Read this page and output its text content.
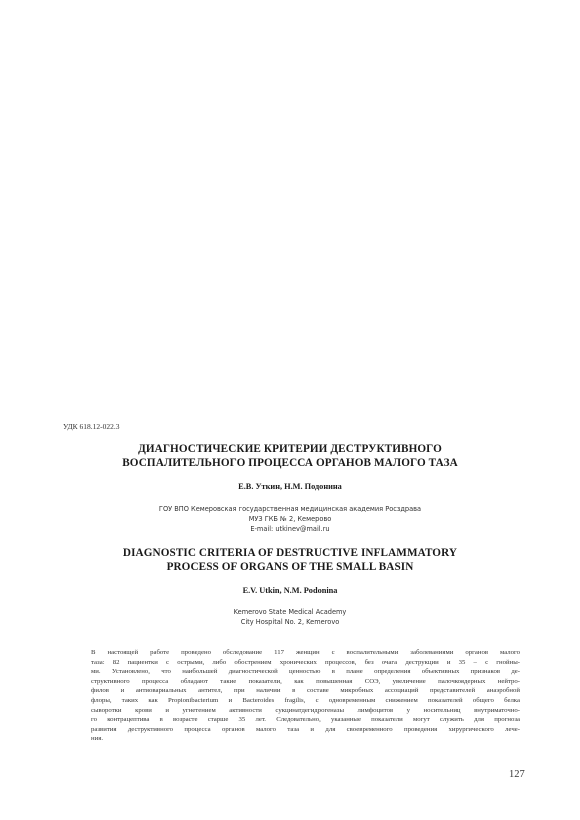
УДК 618.12-022.3
ДИАГНОСТИЧЕСКИЕ КРИТЕРИИ ДЕСТРУКТИВНОГО
ВОСПАЛИТЕЛЬНОГО ПРОЦЕССА ОРГАНОВ МАЛОГО ТАЗА
Е.В. Уткин, Н.М. Подонина
ГОУ ВПО Кемеровская государственная медицинская академия Росздрава
МУЗ ГКБ № 2, Кемерово
E-mail: utkinev@mail.ru
DIAGNOSTIC CRITERIA OF DESTRUCTIVE INFLAMMATORY
PROCESS OF ORGANS OF THE SMALL BASIN
E.V. Utkin, N.M. Podonina
Kemerovo State Medical Academy
City Hospital No. 2, Kemerovo
В настоящей работе проведено обследование 117 женщин с воспалительными заболеваниями органов малого
таза: 82 пациентки с острыми, либо обострением хронических процессов, без очага деструкции и 35 – с гнойны-
ми. Установлено, что наибольшей диагностической ценностью в плане определения объективных признаков де-
структивного процесса обладают такие показатели, как повышенная СОЭ, увеличение палочкоядерных нейтро-
филов и антиовариальных антител, при наличии в составе микробных ассоциаций представителей анаэробной
флоры, таких как Propionibacterium и Bacteroides fragilis, с одновременным снижением показателей общего белка
сыворотки крови и угнетением активности сукцинатдегидрогеназы лимфоцитов у носительниц внутриматочно-
го контрацептива в возрасте старше 35 лет. Следовательно, указанные показатели могут служить для прогноза
развития деструктивного процесса органов малого таза и для своевременного проведения хирургического лече-
ния.
127
